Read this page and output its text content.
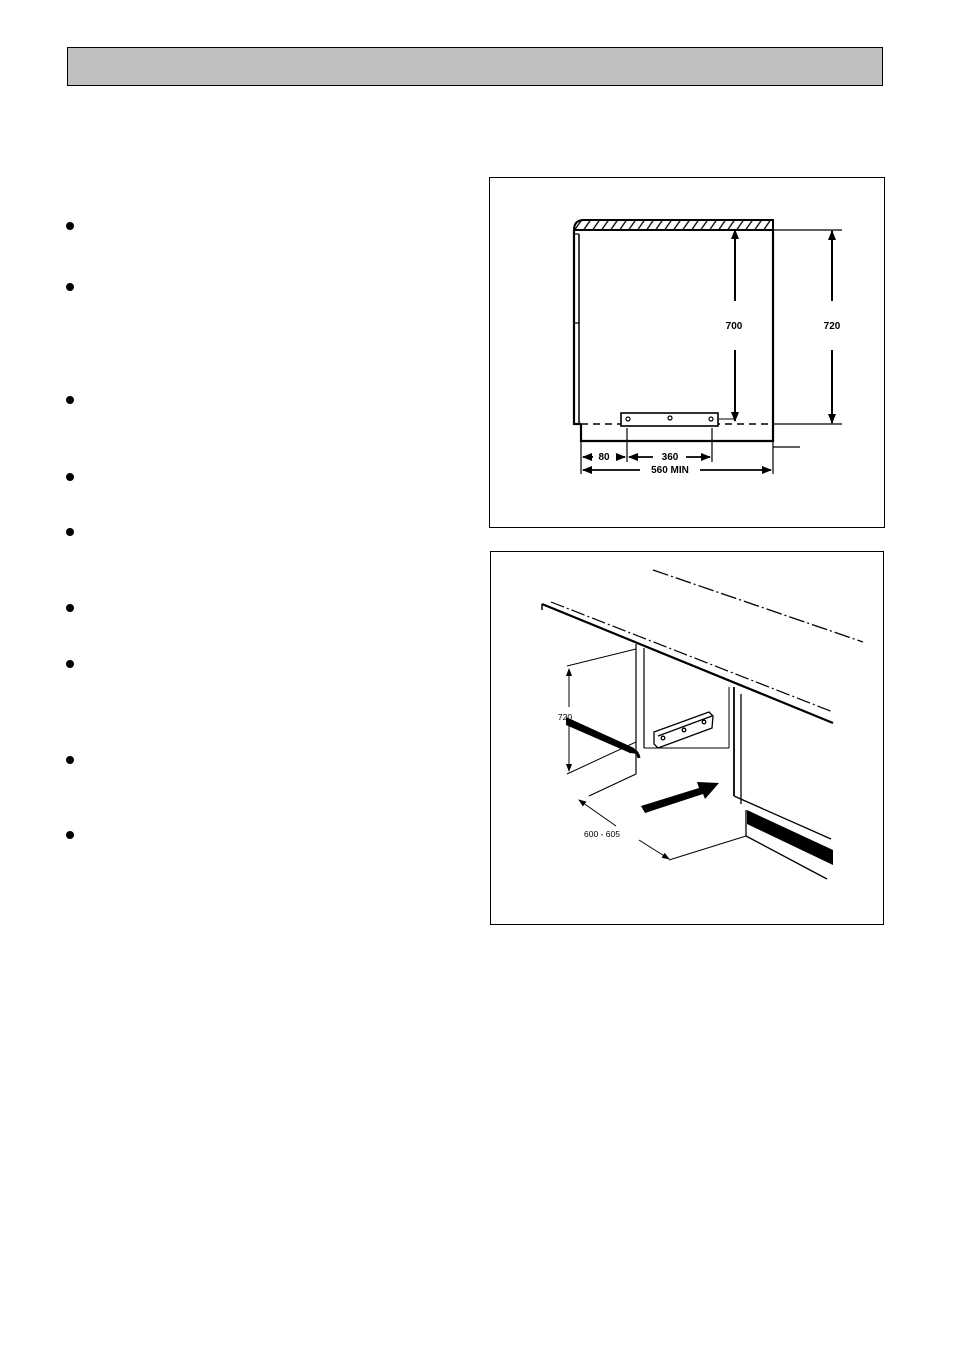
700	720
80	360
560 MIN
720
600 - 605
